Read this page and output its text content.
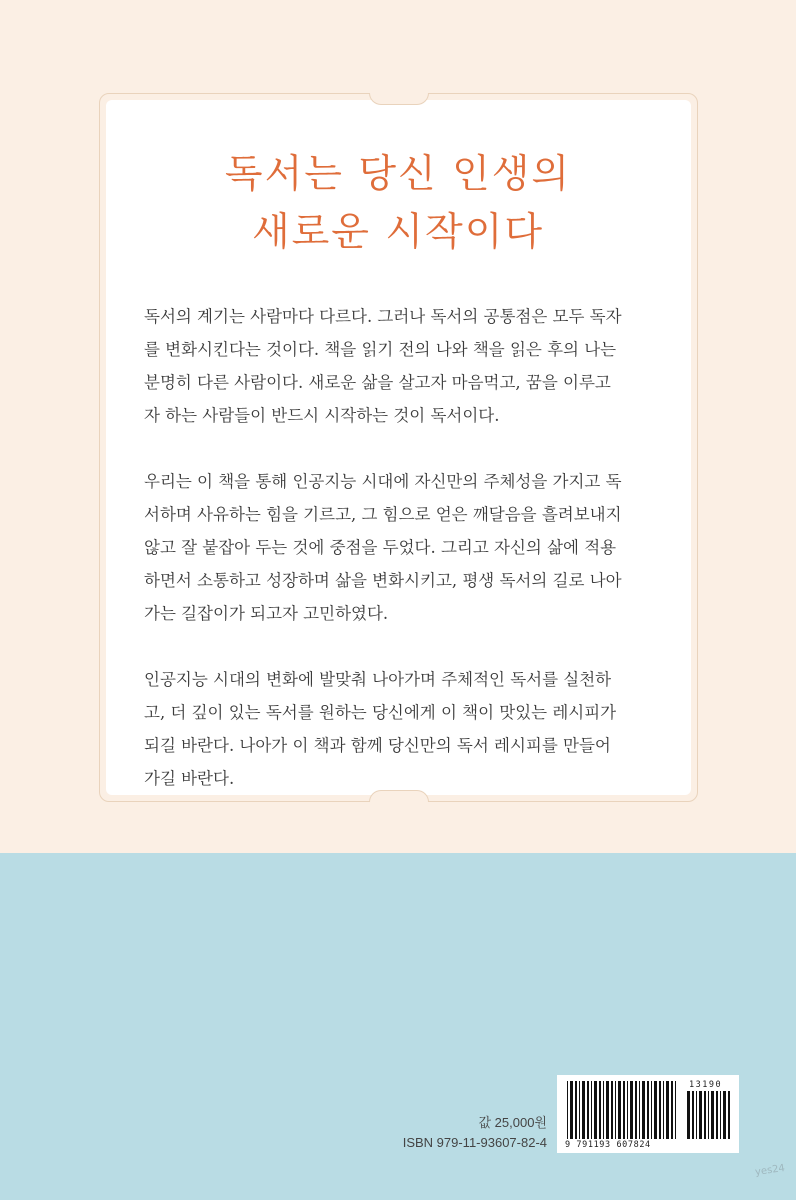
독서는 당신 인생의
새로운 시작이다

독서의 계기는 사람마다 다르다. 그러나 독서의 공통점은 모두 독자
를 변화시킨다는 것이다. 책을 읽기 전의 나와 책을 읽은 후의 나는
분명히 다른 사람이다. 새로운 삶을 살고자 마음먹고, 꿈을 이루고
자 하는 사람들이 반드시 시작하는 것이 독서이다.

우리는 이 책을 통해 인공지능 시대에 자신만의 주체성을 가지고 독
서하며 사유하는 힘을 기르고, 그 힘으로 얻은 깨달음을 흘려보내지
않고 잘 붙잡아 두는 것에 중점을 두었다. 그리고 자신의 삶에 적용
하면서 소통하고 성장하며 삶을 변화시키고, 평생 독서의 길로 나아
가는 길잡이가 되고자 고민하였다.

인공지능 시대의 변화에 발맞춰 나아가며 주체적인 독서를 실천하
고, 더 깊이 있는 독서를 원하는 당신에게 이 책이 맛있는 레시피가
되길 바란다. 나아가 이 책과 함께 당신만의 독서 레시피를 만들어
가길 바란다.

값 25,000원
ISBN 979-11-93607-82-4 9 791193 607824
13190
yes24
